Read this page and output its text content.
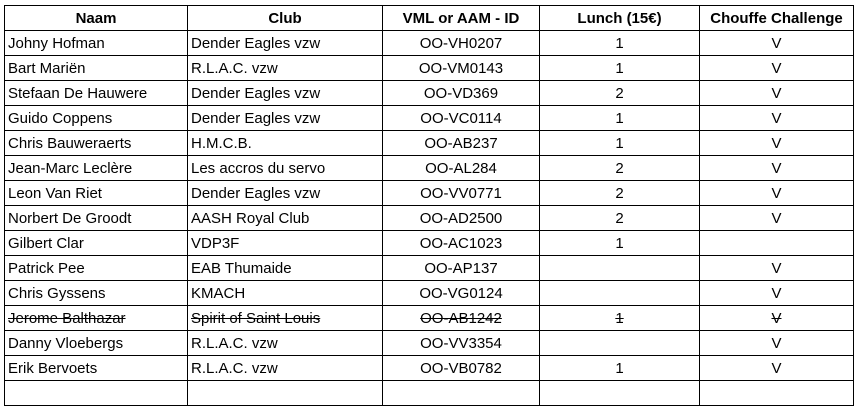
Naam	Club	VML or AAM - ID	Lunch (15€)	Chouffe Challenge
Johny Hofman	Dender Eagles vzw	OO-VH0207	1	V
Bart Mariën	R.L.A.C. vzw	OO-VM0143	1	V
Stefaan De Hauwere	Dender Eagles vzw	OO-VD369	2	V
Guido Coppens	Dender Eagles vzw	OO-VC0114	1	V
Chris Bauweraerts	H.M.C.B.	OO-AB237	1	V
Jean-Marc Leclère	Les accros du servo	OO-AL284	2	V
Leon Van Riet	Dender Eagles vzw	OO-VV0771	2	V
Norbert De Groodt	AASH Royal Club	OO-AD2500	2	V
Gilbert Clar	VDP3F	OO-AC1023	1	
Patrick Pee	EAB Thumaide	OO-AP137		V
Chris Gyssens	KMACH	OO-VG0124		V
Jerome Balthazar	Spirit of Saint Louis	OO-AB1242	1	V
Danny Vloebergs	R.L.A.C. vzw	OO-VV3354		V
Erik Bervoets	R.L.A.C. vzw	OO-VB0782	1	V
